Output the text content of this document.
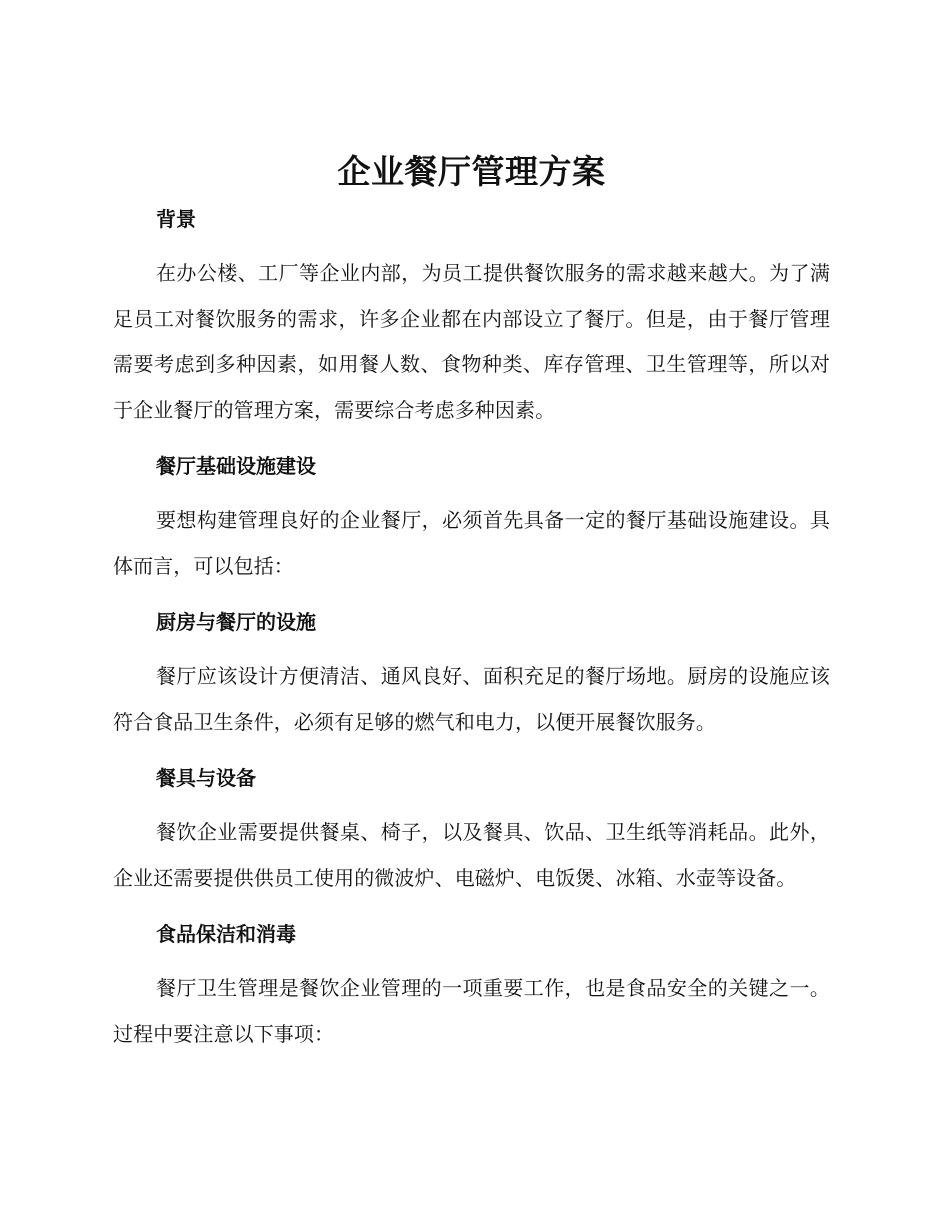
企业餐厅管理方案
背景

在办公楼、工厂等企业内部，为员工提供餐饮服务的需求越来越大。为了满足员工对餐饮服务的需求，许多企业都在内部设立了餐厅。但是，由于餐厅管理需要考虑到多种因素，如用餐人数、食物种类、库存管理、卫生管理等，所以对于企业餐厅的管理方案，需要综合考虑多种因素。

餐厅基础设施建设

要想构建管理良好的企业餐厅，必须首先具备一定的餐厅基础设施建设。具体而言，可以包括：

厨房与餐厅的设施

餐厅应该设计方便清洁、通风良好、面积充足的餐厅场地。厨房的设施应该符合食品卫生条件，必须有足够的燃气和电力，以便开展餐饮服务。

餐具与设备

餐饮企业需要提供餐桌、椅子，以及餐具、饮品、卫生纸等消耗品。此外，企业还需要提供供员工使用的微波炉、电磁炉、电饭煲、冰箱、水壶等设备。

食品保洁和消毒

餐厅卫生管理是餐饮企业管理的一项重要工作，也是食品安全的关键之一。 过程中要注意以下事项：
